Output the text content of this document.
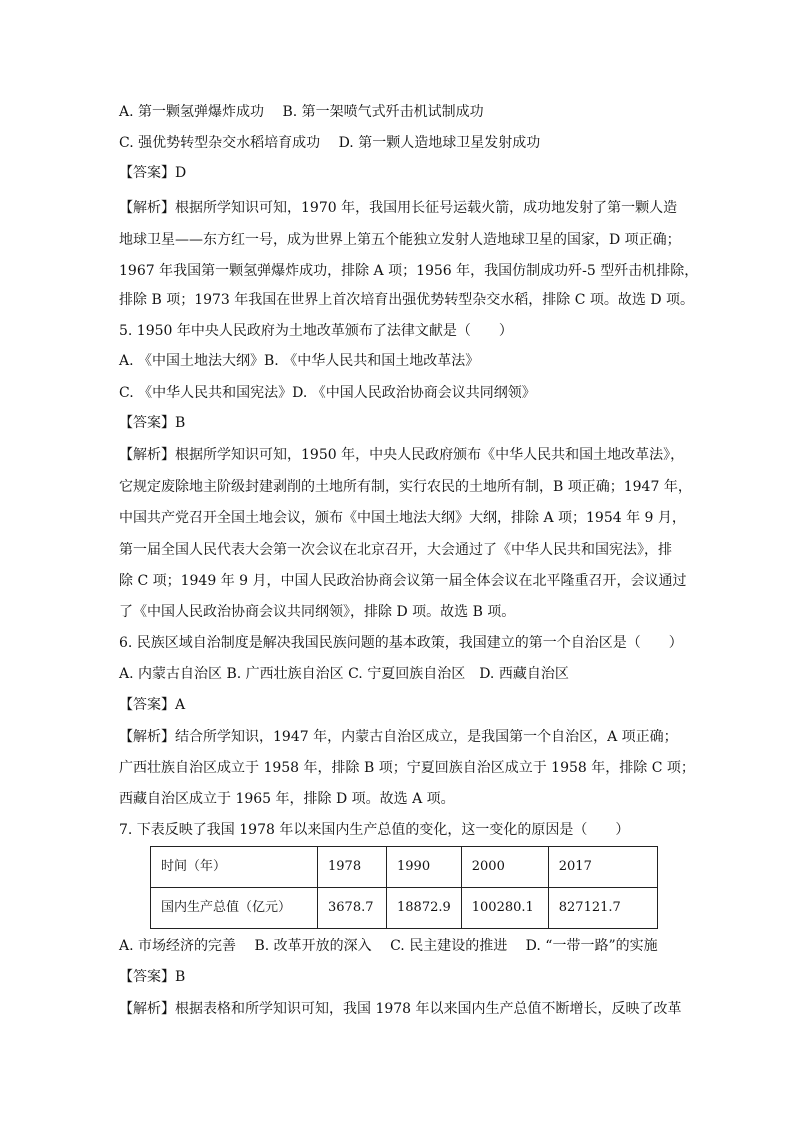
A. 第一颗氢弹爆炸成功　 B. 第一架喷气式歼击机试制成功
C. 强优势转型杂交水稻培育成功　 D. 第一颗人造地球卫星发射成功
【答案】D
【解析】根据所学知识可知，1970 年，我国用长征号运载火箭，成功地发射了第一颗人造
地球卫星——东方红一号，成为世界上第五个能独立发射人造地球卫星的国家，D 项正确；
1967 年我国第一颗氢弹爆炸成功，排除 A 项；1956 年，我国仿制成功歼-5 型歼击机排除，
排除 B 项；1973 年我国在世界上首次培育出强优势转型杂交水稻，排除 C 项。故选 D 项。
5. 1950 年中央人民政府为土地改革颁布了法律文献是（　　）
A. 《中国土地法大纲》B. 《中华人民共和国土地改革法》
C. 《中华人民共和国宪法》D. 《中国人民政治协商会议共同纲领》
【答案】B
【解析】根据所学知识可知，1950 年，中央人民政府颁布《中华人民共和国土地改革法》，
它规定废除地主阶级封建剥削的土地所有制，实行农民的土地所有制，B 项正确；1947 年，
中国共产党召开全国土地会议，颁布《中国土地法大纲》大纲，排除 A 项；1954 年 9 月，
第一届全国人民代表大会第一次会议在北京召开，大会通过了《中华人民共和国宪法》，排
除 C 项；1949 年 9 月，中国人民政治协商会议第一届全体会议在北平隆重召开，会议通过
了《中国人民政治协商会议共同纲领》，排除 D 项。故选 B 项。
6. 民族区域自治制度是解决我国民族问题的基本政策，我国建立的第一个自治区是（　　）
A. 内蒙古自治区 B. 广西壮族自治区 C. 宁夏回族自治区　D. 西藏自治区
【答案】A
【解析】结合所学知识，1947 年，内蒙古自治区成立，是我国第一个自治区，A 项正确；
广西壮族自治区成立于 1958 年，排除 B 项；宁夏回族自治区成立于 1958 年，排除 C 项；
西藏自治区成立于 1965 年，排除 D 项。故选 A 项。
7. 下表反映了我国 1978 年以来国内生产总值的变化，这一变化的原因是（　　）
时间（年）	1978	1990	2000	2017
国内生产总值（亿元）	3678.7	18872.9	100280.1	827121.7
A. 市场经济的完善　 B. 改革开放的深入　 C. 民主建设的推进　 D. “一带一路”的实施
【答案】B
【解析】根据表格和所学知识可知，我国 1978 年以来国内生产总值不断增长，反映了改革
